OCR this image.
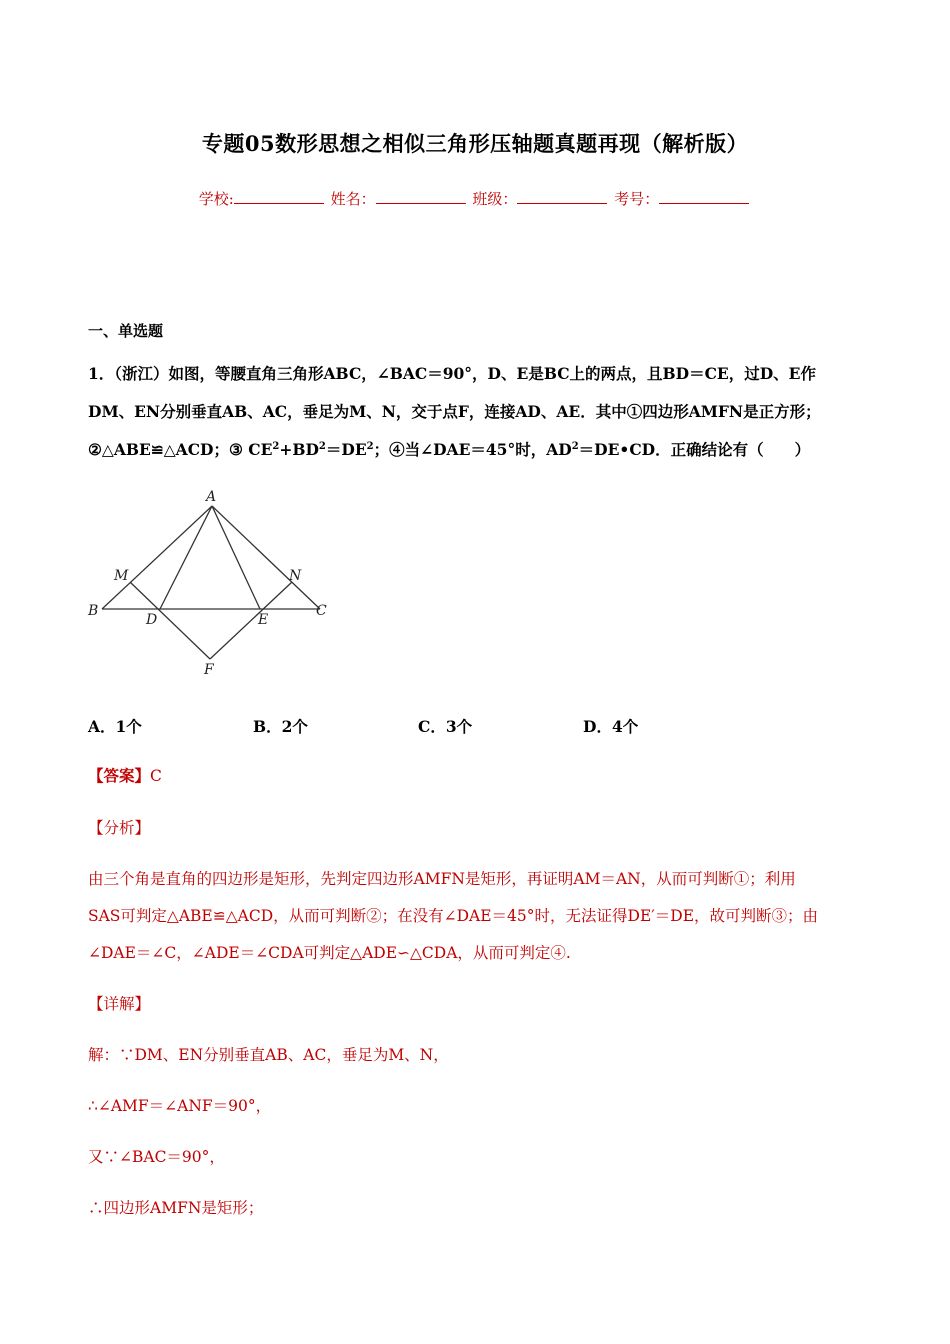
专题05数形思想之相似三角形压轴题真题再现（解析版）
学校:	姓名：	班级：	考号：
一、单选题
1．（浙江）如图，等腰直角三角形ABC，∠BAC＝90°，D、E是BC上的两点，且BD＝CE，过D、E作
DM、EN分别垂直AB、AC，垂足为M、N，交于点F，连接AD、AE．其中①四边形AMFN是正方形；
②△ABE≌△ACD；③ $CE^2+BD^2=DE^2$；④当∠DAE＝45°时，$AD^2=DE•CD$．正确结论有（　　）
A
M	N
B	C
D	E
F
A．1个	B．2个	C．3个	D．4个
【答案】C
【分析】
由三个角是直角的四边形是矩形，先判定四边形AMFN是矩形，再证明AM＝AN，从而可判断①；利用
SAS可判定△ABE≌△ACD，从而可判断②；在没有∠DAE＝45°时，无法证得DE′＝DE，故可判断③；由
∠DAE＝∠C，∠ADE＝∠CDA可判定△ADE∽△CDA，从而可判定④.
【详解】
解：∵DM、EN分别垂直AB、AC，垂足为M、N，
∴∠AMF＝∠ANF＝90°，
又∵∠BAC＝90°，
∴四边形AMFN是矩形；
